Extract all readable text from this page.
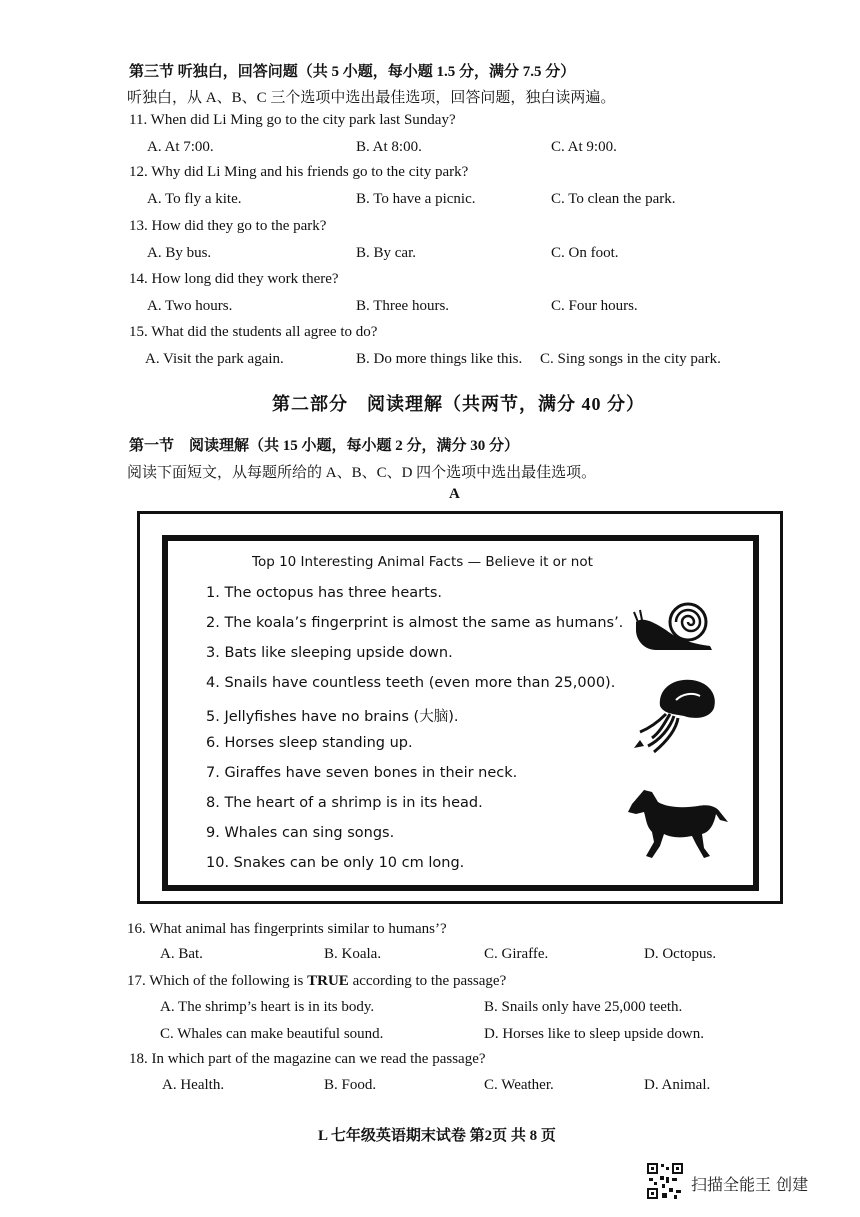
第三节 听独白，回答问题（共 5 小题，每小题 1.5 分，满分 7.5 分）
听独白，从 A、B、C 三个选项中选出最佳选项，回答问题，独白读两遍。
11. When did Li Ming go to the city park last Sunday?
A. At 7:00.	B. At 8:00.	C. At 9:00.
12. Why did Li Ming and his friends go to the city park?
A. To fly a kite.	B. To have a picnic.	C. To clean the park.
13. How did they go to the park?
A. By bus.	B. By car.	C. On foot.
14. How long did they work there?
A. Two hours.	B. Three hours.	C. Four hours.
15. What did the students all agree to do?
A. Visit the park again.	B. Do more things like this. C. Sing songs in the city park.
第二部分　阅读理解（共两节，满分 40 分）
第一节　阅读理解（共 15 小题，每小题 2 分，满分 30 分）
阅读下面短文，从每题所给的 A、B、C、D 四个选项中选出最佳选项。
A
Top 10 Interesting Animal Facts — Believe it or not
1. The octopus has three hearts.
2. The koala’s fingerprint is almost the same as humans’.
3. Bats like sleeping upside down.
4. Snails have countless teeth (even more than 25,000).
5. Jellyfishes have no brains (大脑).
6. Horses sleep standing up.
7. Giraffes have seven bones in their neck.
8. The heart of a shrimp is in its head.
9. Whales can sing songs.
10. Snakes can be only 10 cm long.
16. What animal has fingerprints similar to humans’?
A. Bat.	B. Koala.	C. Giraffe.	D. Octopus.
17. Which of the following is TRUE according to the passage?
A. The shrimp’s heart is in its body.	B. Snails only have 25,000 teeth.
C. Whales can make beautiful sound.	D. Horses like to sleep upside down.
18. In which part of the magazine can we read the passage?
A. Health.	B. Food.	C. Weather.	D. Animal.
L 七年级英语期末试卷 第2页 共 8 页
扫描全能王 创建
